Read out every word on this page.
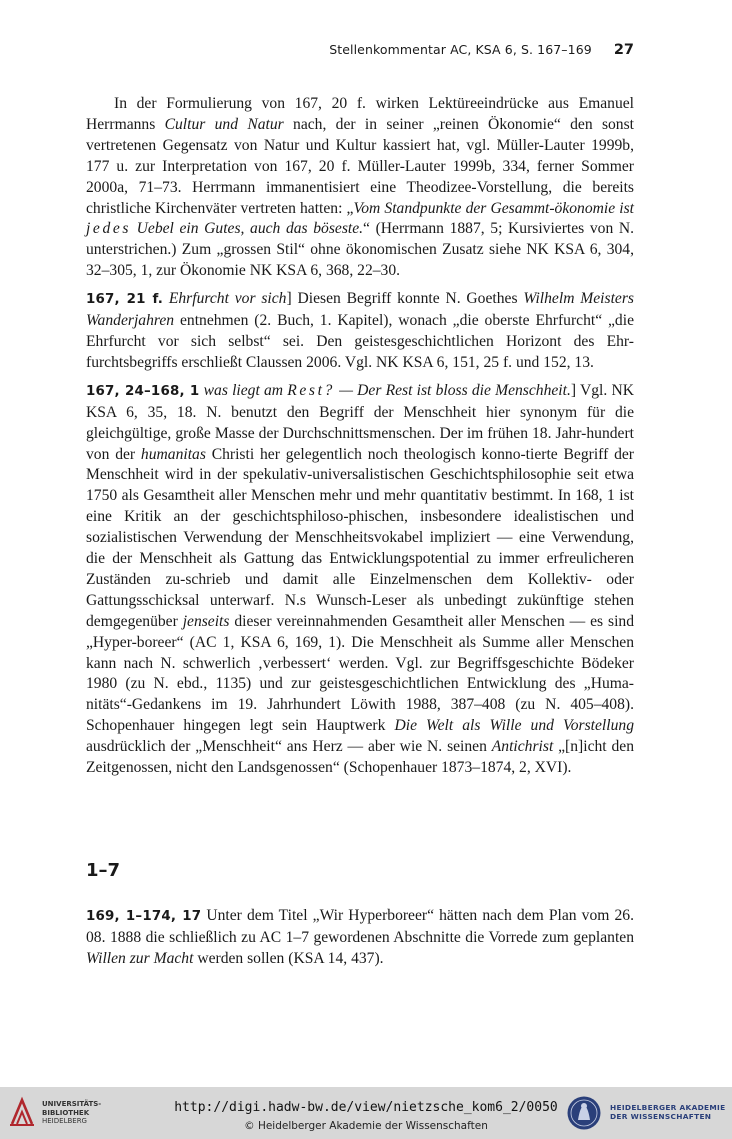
Stellenkommentar AC, KSA 6, S. 167–169 27

In der Formulierung von 167, 20 f. wirken Lektüreeindrücke aus Emanuel Herrmanns Cultur und Natur nach, der in seiner „reinen Ökonomie“ den sonst vertretenen Gegensatz von Natur und Kultur kassiert hat, vgl. Müller-Lauter 1999b, 177 u. zur Interpretation von 167, 20 f. Müller-Lauter 1999b, 334, ferner Sommer 2000a, 71–73. Herrmann immanentisiert eine Theodizee-Vorstellung, die bereits christliche Kirchenväter vertreten hatten: „Vom Standpunkte der Gesammt-ökonomie ist jedes Uebel ein Gutes, auch das böseste.“ (Herrmann 1887, 5; Kursiviertes von N. unterstrichen.) Zum „grossen Stil“ ohne ökonomischen Zusatz siehe NK KSA 6, 304, 32–305, 1, zur Ökonomie NK KSA 6, 368, 22–30.

167, 21 f. Ehrfurcht vor sich] Diesen Begriff konnte N. Goethes Wilhelm Meisters Wanderjahren entnehmen (2. Buch, 1. Kapitel), wonach „die oberste Ehrfurcht“ „die Ehrfurcht vor sich selbst“ sei. Den geistesgeschichtlichen Horizont des Ehr-furchtsbegriffs erschließt Claussen 2006. Vgl. NK KSA 6, 151, 25 f. und 152, 13.

167, 24–168, 1 was liegt am Rest? — Der Rest ist bloss die Menschheit.] Vgl. NK KSA 6, 35, 18. N. benutzt den Begriff der Menschheit hier synonym für die gleichgültige, große Masse der Durchschnittsmenschen. Der im frühen 18. Jahr-hundert von der humanitas Christi her gelegentlich noch theologisch konno-tierte Begriff der Menschheit wird in der spekulativ-universalistischen Geschichtsphilosophie seit etwa 1750 als Gesamtheit aller Menschen mehr und mehr quantitativ bestimmt. In 168, 1 ist eine Kritik an der geschichtsphiloso-phischen, insbesondere idealistischen und sozialistischen Verwendung der Menschheitsvokabel impliziert — eine Verwendung, die der Menschheit als Gattung das Entwicklungspotential zu immer erfreulicheren Zuständen zu-schrieb und damit alle Einzelmenschen dem Kollektiv- oder Gattungsschicksal unterwarf. N.s Wunsch-Leser als unbedingt zukünftige stehen demgegenüber jenseits dieser vereinnahmenden Gesamtheit aller Menschen — es sind „Hyper-boreer“ (AC 1, KSA 6, 169, 1). Die Menschheit als Summe aller Menschen kann nach N. schwerlich ‚verbessert‘ werden. Vgl. zur Begriffsgeschichte Bödeker 1980 (zu N. ebd., 1135) und zur geistesgeschichtlichen Entwicklung des „Huma-nitäts“-Gedankens im 19. Jahrhundert Löwith 1988, 387–408 (zu N. 405–408). Schopenhauer hingegen legt sein Hauptwerk Die Welt als Wille und Vorstellung ausdrücklich der „Menschheit“ ans Herz — aber wie N. seinen Antichrist „[n]icht den Zeitgenossen, nicht den Landsgenossen“ (Schopenhauer 1873–1874, 2, XVI).

1–7

169, 1–174, 17 Unter dem Titel „Wir Hyperboreer“ hätten nach dem Plan vom 26. 08. 1888 die schließlich zu AC 1–7 gewordenen Abschnitte die Vorrede zum geplanten Willen zur Macht werden sollen (KSA 14, 437).

UNIVERSITÄTS-
BIBLIOTHEK
HEIDELBERG
http://digi.hadw-bw.de/view/nietzsche_kom6_2/0050
© Heidelberger Akademie der Wissenschaften
HEIDELBERGER AKADEMIE
DER WISSENSCHAFTEN
